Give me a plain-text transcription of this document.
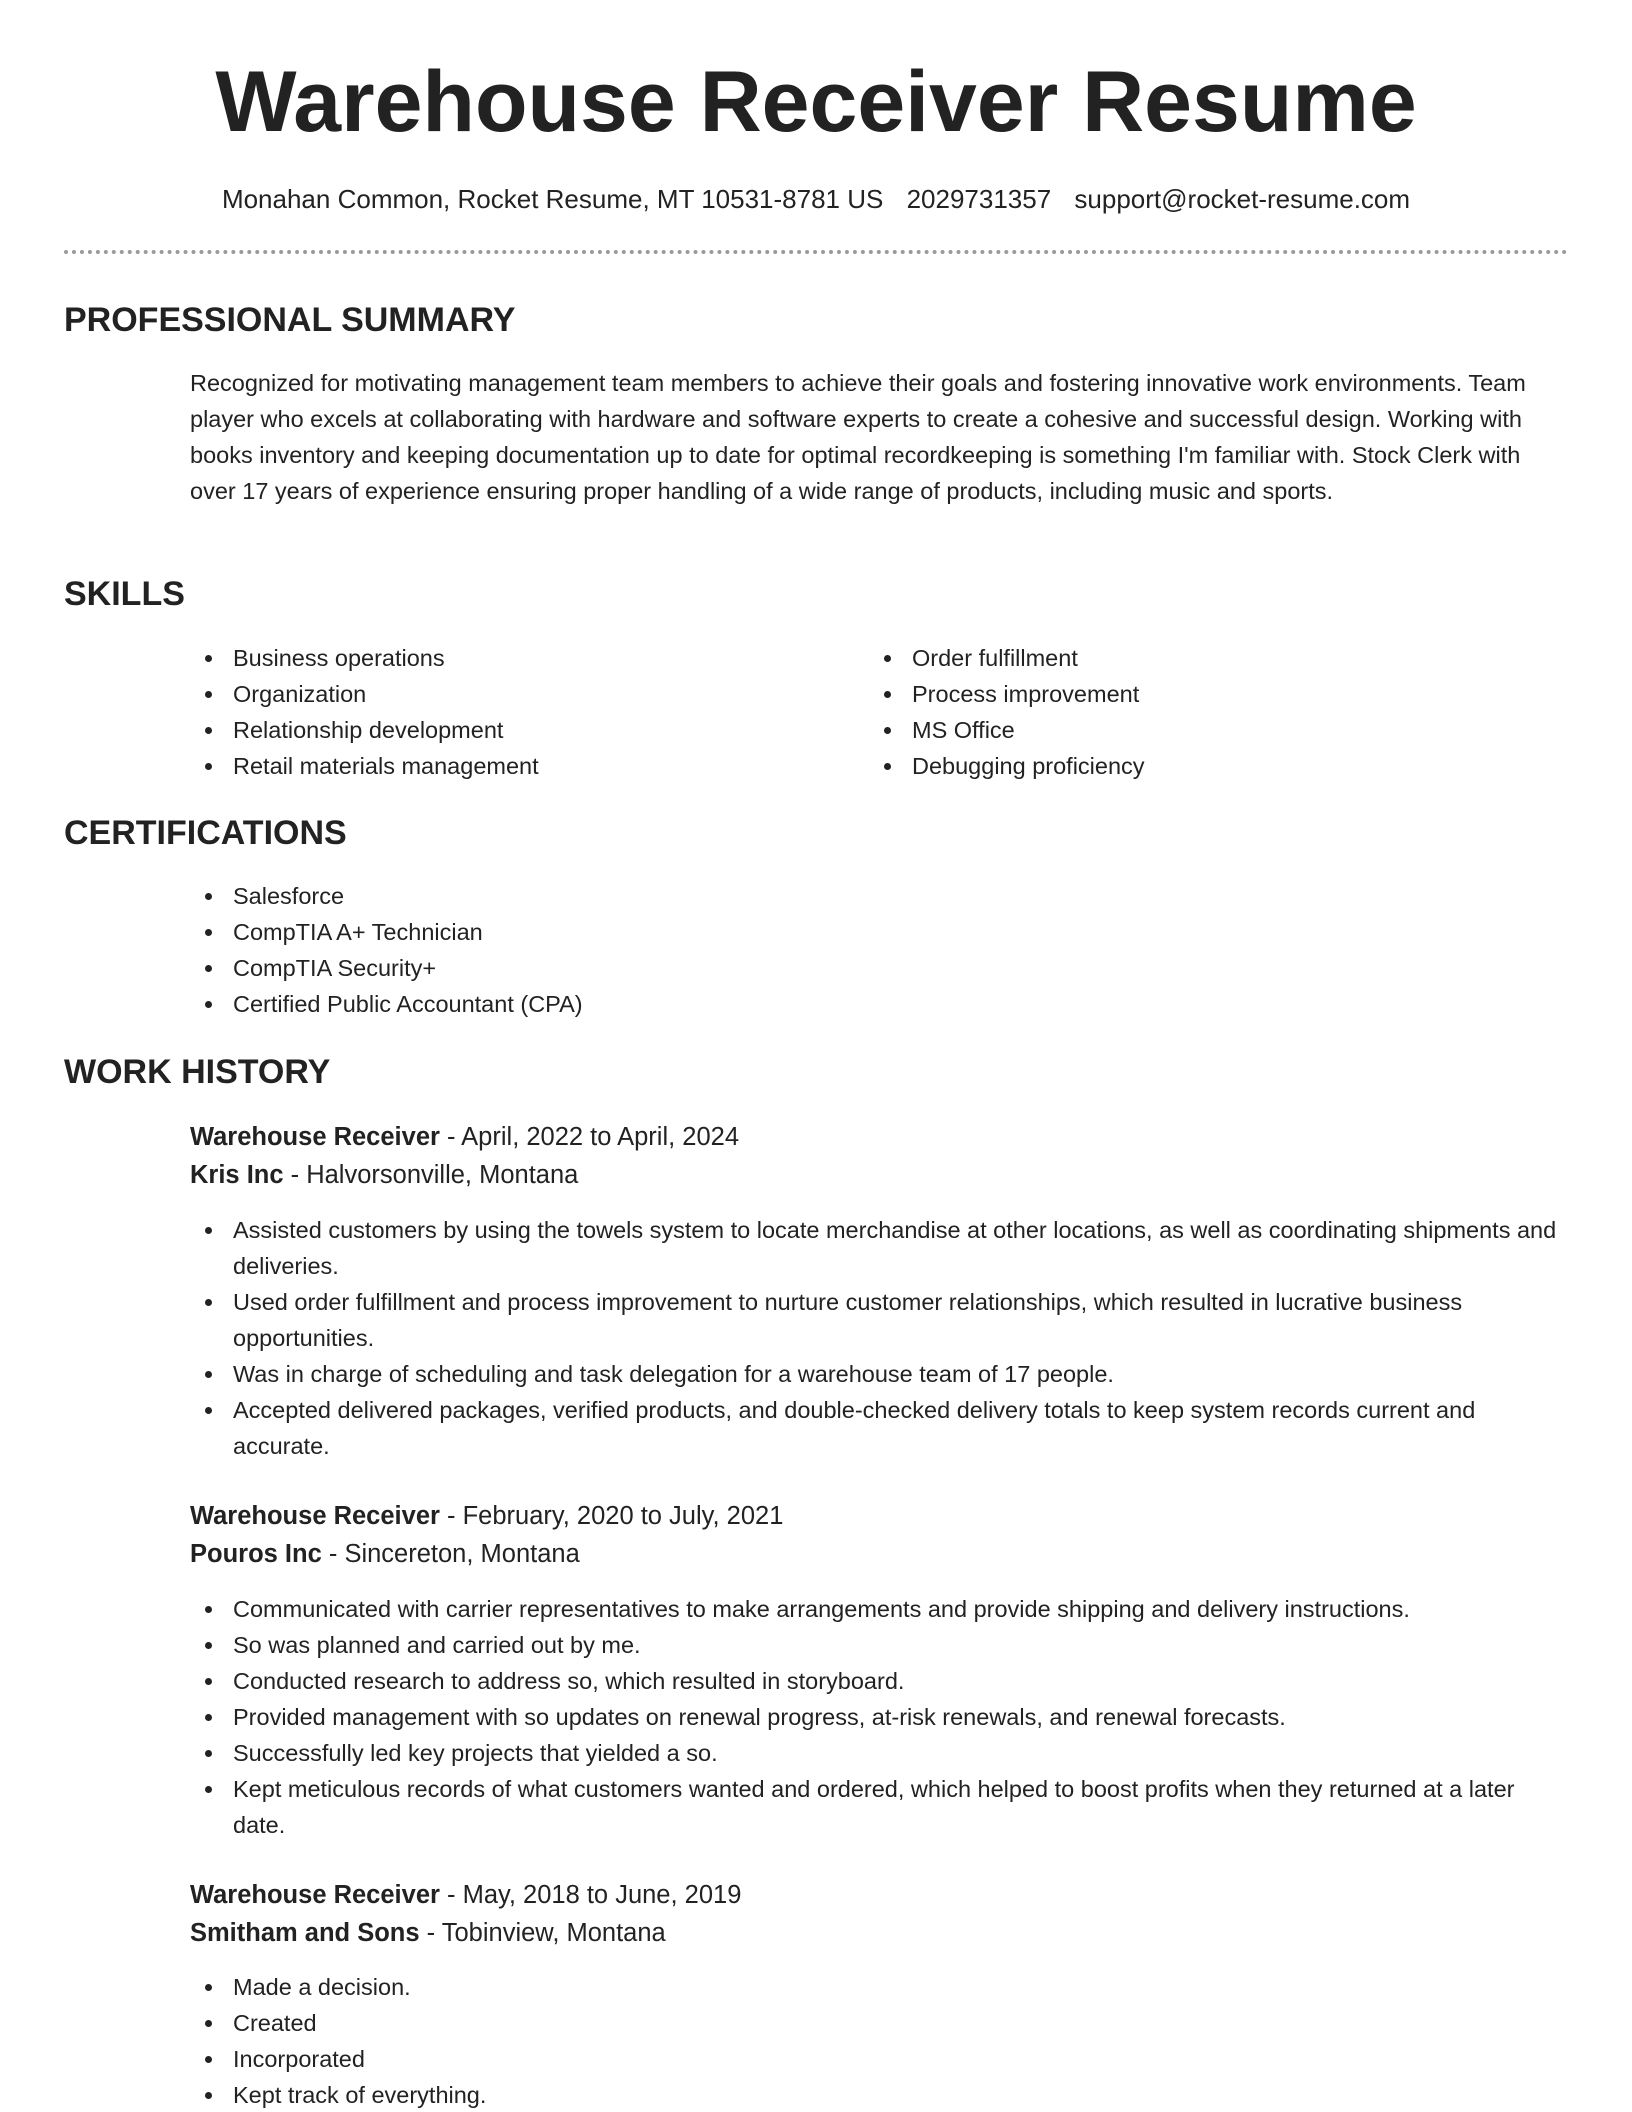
Warehouse Receiver Resume
Monahan Common, Rocket Resume, MT 10531-8781 US 2029731357 support@rocket-resume.com
PROFESSIONAL SUMMARY

Recognized for motivating management team members to achieve their goals and fostering innovative work environments. Team player who excels at collaborating with hardware and software experts to create a cohesive and successful design. Working with books inventory and keeping documentation up to date for optimal recordkeeping is something I'm familiar with. Stock Clerk with over 17 years of experience ensuring proper handling of a wide range of products, including music and sports.

SKILLS
Business operations
Organization
Relationship development
Retail materials management
Order fulfillment
Process improvement
MS Office
Debugging proficiency
CERTIFICATIONS
Salesforce
CompTIA A+ Technician
CompTIA Security+
Certified Public Accountant (CPA)
WORK HISTORY
Warehouse Receiver - April, 2022 to April, 2024
Kris Inc - Halvorsonville, Montana
Assisted customers by using the towels system to locate merchandise at other locations, as well as coordinating shipments and deliveries.
Used order fulfillment and process improvement to nurture customer relationships, which resulted in lucrative business opportunities.
Was in charge of scheduling and task delegation for a warehouse team of 17 people.
Accepted delivered packages, verified products, and double-checked delivery totals to keep system records current and accurate.
Warehouse Receiver - February, 2020 to July, 2021
Pouros Inc - Sincereton, Montana
Communicated with carrier representatives to make arrangements and provide shipping and delivery instructions.
So was planned and carried out by me.
Conducted research to address so, which resulted in storyboard.
Provided management with so updates on renewal progress, at-risk renewals, and renewal forecasts.
Successfully led key projects that yielded a so.
Kept meticulous records of what customers wanted and ordered, which helped to boost profits when they returned at a later date.
Warehouse Receiver - May, 2018 to June, 2019
Smitham and Sons - Tobinview, Montana
Made a decision.
Created
Incorporated
Kept track of everything.
